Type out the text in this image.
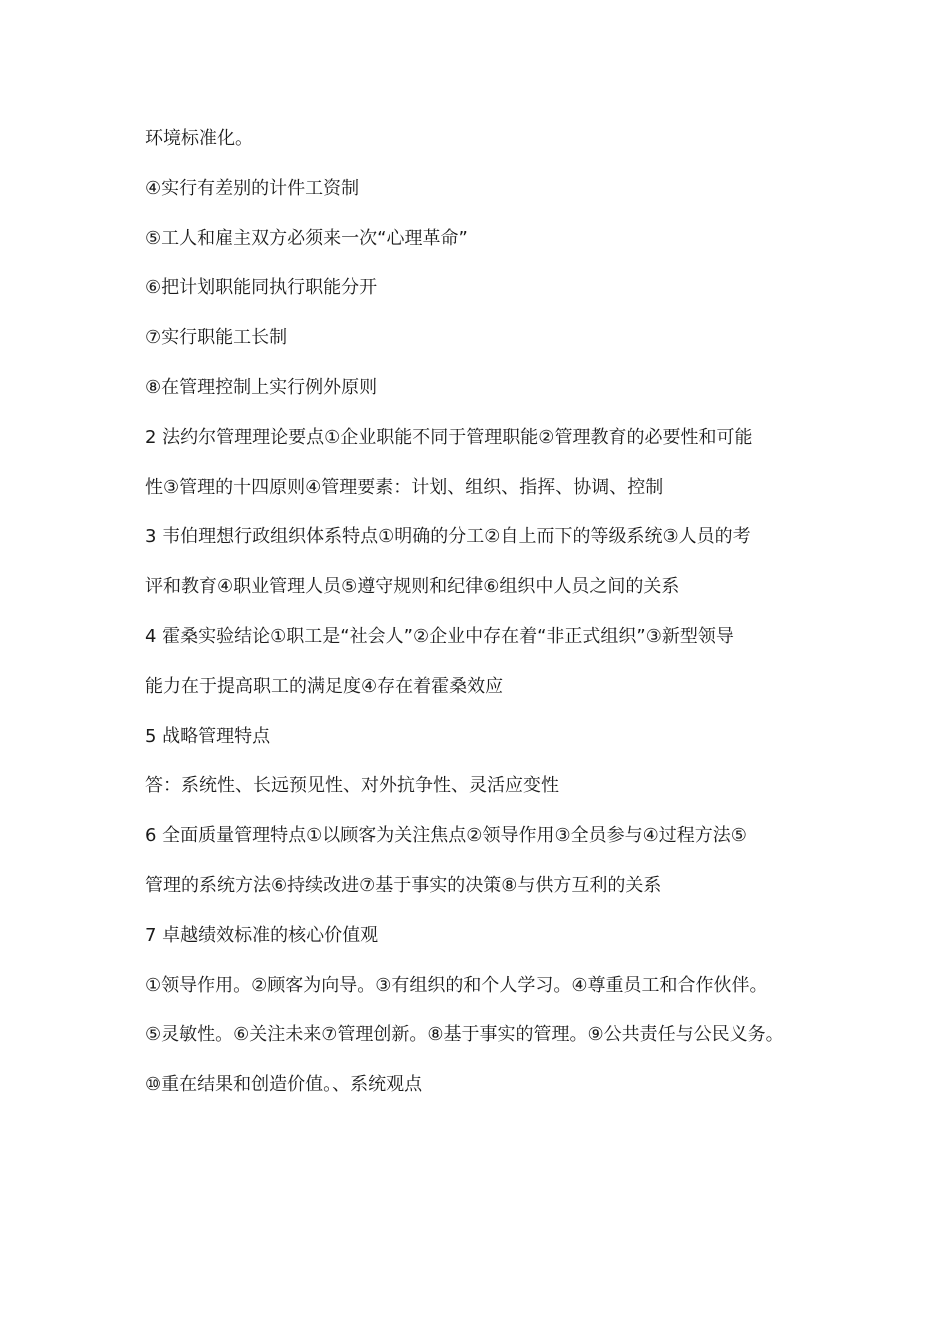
环境标准化。
④实行有差别的计件工资制
⑤工人和雇主双方必须来一次“心理革命”
⑥把计划职能同执行职能分开
⑦实行职能工长制
⑧在管理控制上实行例外原则
2 法约尔管理理论要点①企业职能不同于管理职能②管理教育的必要性和可能
性③管理的十四原则④管理要素：计划、组织、指挥、协调、控制
3 韦伯理想行政组织体系特点①明确的分工②自上而下的等级系统③人员的考
评和教育④职业管理人员⑤遵守规则和纪律⑥组织中人员之间的关系
4 霍桑实验结论①职工是“社会人”②企业中存在着“非正式组织”③新型领导
能力在于提高职工的满足度④存在着霍桑效应
5 战略管理特点
答：系统性、长远预见性、对外抗争性、灵活应变性
6 全面质量管理特点①以顾客为关注焦点②领导作用③全员参与④过程方法⑤
管理的系统方法⑥持续改进⑦基于事实的决策⑧与供方互利的关系
7 卓越绩效标准的核心价值观
①领导作用。②顾客为向导。③有组织的和个人学习。④尊重员工和合作伙伴。
⑤灵敏性。⑥关注未来⑦管理创新。⑧基于事实的管理。⑨公共责任与公民义务。
⑩重在结果和创造价值。、系统观点
